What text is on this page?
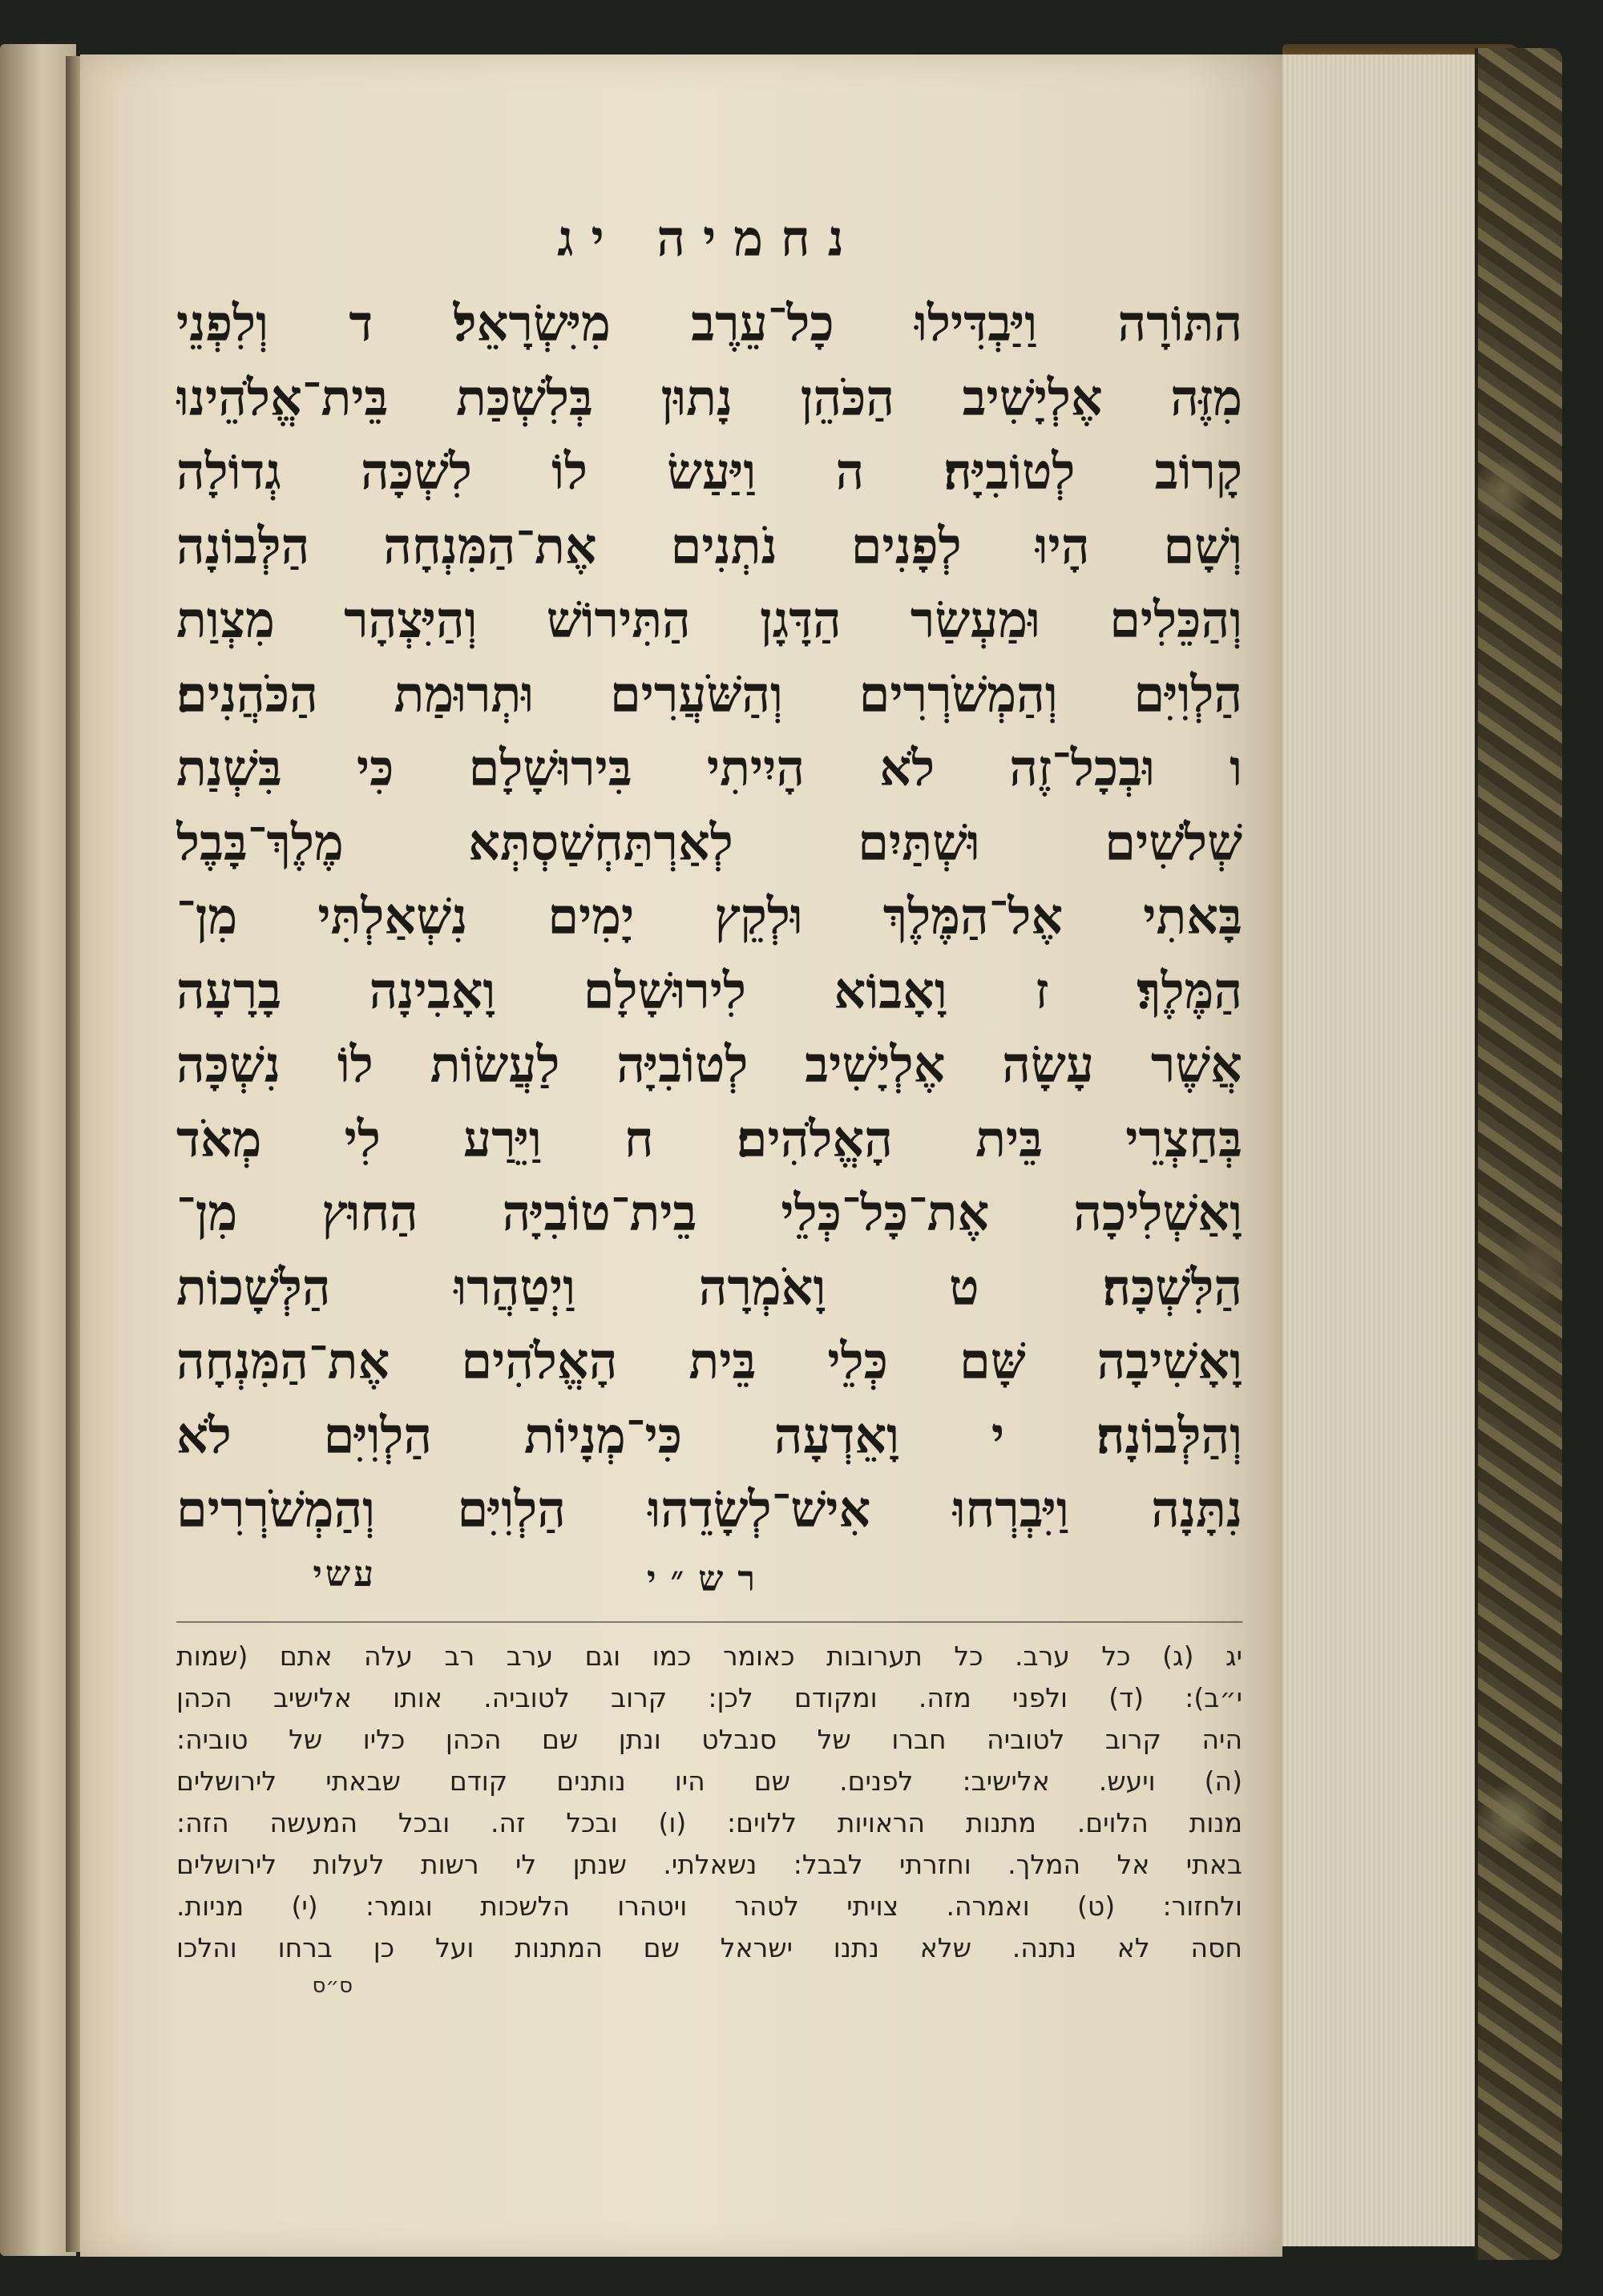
נחמיה יג
התּוֹרָה וַיַּבְדִּילוּ כָל־עֵרֶב מִיִּשְׂרָאֵל׃ ד וְלִפְנֵי
מִזֶּה אֶלְיָשִׁיב הַכֹּהֵן נָתוּן בְּלִשְׁכַּת בֵּית־אֱלֹהֵינוּ
קָרוֹב לְטוֹבִיָּה׃ ה וַיַּעַשׂ לוֹ לִשְׁכָּה גְדוֹלָה
וְשָׁם הָיוּ לְפָנִים נֹתְנִים אֶת־הַמִּנְחָה הַלְּבוֹנָה
וְהַכֵּלִים וּמַעְשַׂר הַדָּגָן הַתִּירוֹשׁ וְהַיִּצְהָר מִצְוַת
הַלְוִיִּם וְהַמְשֹׁרְרִים וְהַשֹּׁעֲרִים וּתְרוּמַת הַכֹּהֲנִים׃
ו וּבְכָל־זֶה לֹא הָיִיתִי בִּירוּשָׁלָם כִּי בִּשְׁנַת
שְׁלֹשִׁים וּשְׁתַּיִם לְאַרְתַּחְשַׁסְתְּא מֶלֶךְ־בָּבֶל
בָּאתִי אֶל־הַמֶּלֶךְ וּלְקֵץ יָמִים נִשְׁאַלְתִּי מִן־
הַמֶּלֶךְ׃ ז וָאָבוֹא לִירוּשָׁלָם וָאָבִינָה בָרָעָה
אֲשֶׁר עָשָׂה אֶלְיָשִׁיב לְטוֹבִיָּה לַעֲשׂוֹת לוֹ נִשְׁכָּה
בְּחַצְרֵי בֵּית הָאֱלֹהִים׃ ח וַיֵּרַע לִי מְאֹד
וָאַשְׁלִיכָה אֶת־כָּל־כְּלֵי בֵית־טוֹבִיָּה הַחוּץ מִן־
הַלִּשְׁכָּה׃ ט וָאֹמְרָה וַיְטַהֲרוּ הַלְּשָׁכוֹת
וָאָשִׁיבָה שָּׁם כְּלֵי בֵּית הָאֱלֹהִים אֶת־הַמִּנְחָה
וְהַלְּבוֹנָה׃ י וָאֵדְעָה כִּי־מְנָיוֹת הַלְוִיִּם לֹא
נִתָּנָה וַיִּבְרְחוּ אִישׁ־לְשָׂדֵהוּ הַלְוִיִּם וְהַמְשֹׁרְרִים
רש״י
עשי
יג (ג) כל ערב. כל תערובות כאומר כמו וגם ערב רב עלה אתם (שמות
י״ב): (ד) ולפני מזה. ומקודם לכן: קרוב לטוביה. אותו אלישיב הכהן
היה קרוב לטוביה חברו של סנבלט ונתן שם הכהן כליו של טוביה:
(ה) ויעש. אלישיב: לפנים. שם היו נותנים קודם שבאתי לירושלים
מנות הלוים. מתנות הראויות ללוים: (ו) ובכל זה. ובכל המעשה הזה:
באתי אל המלך. וחזרתי לבבל: נשאלתי. שנתן לי רשות לעלות לירושלים
ולחזור: (ט) ואמרה. צויתי לטהר ויטהרו הלשכות וגומר: (י) מניות.
חסה לא נתנה. שלא נתנו ישראל שם המתנות ועל כן ברחו והלכו
ס״ס
